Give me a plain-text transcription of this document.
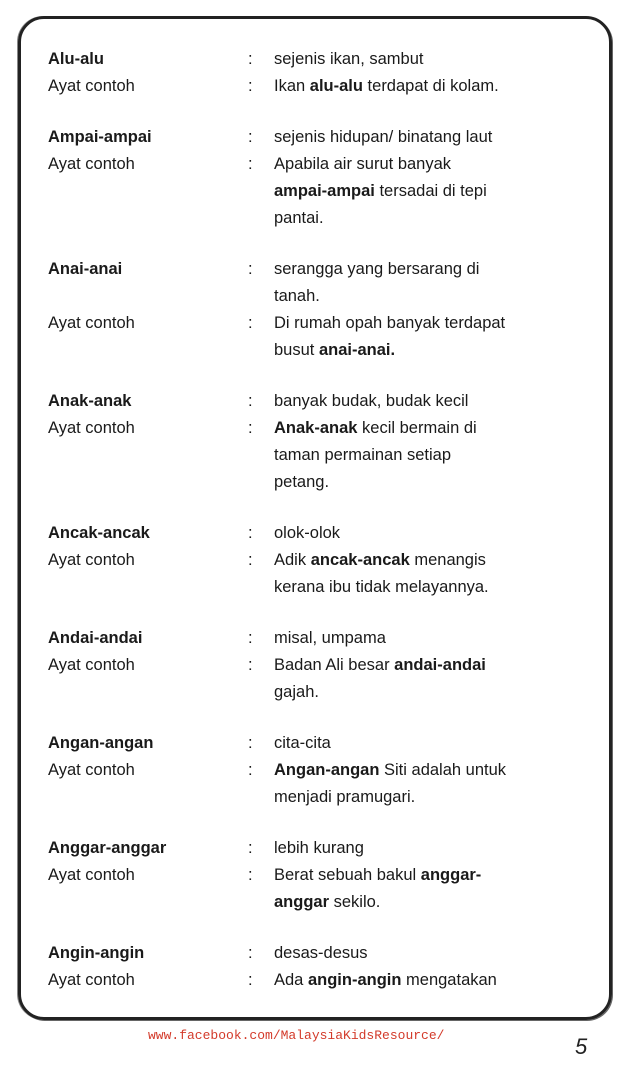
Alu-alu	:	sejenis ikan, sambut
Ayat contoh	:	Ikan alu-alu terdapat di kolam.
Ampai-ampai	:	sejenis hidupan/ binatang laut
Ayat contoh	:	Apabila air surut banyak
ampai-ampai tersadai di tepi
pantai.
Anai-anai	:	serangga yang bersarang di
tanah.
Ayat contoh	:	Di rumah opah banyak terdapat
busut anai-anai.
Anak-anak	:	banyak budak, budak kecil
Ayat contoh	:	Anak-anak kecil bermain di
taman permainan setiap
petang.
Ancak-ancak	:	olok-olok
Ayat contoh	:	Adik ancak-ancak menangis
kerana ibu tidak melayannya.
Andai-andai	:	misal, umpama
Ayat contoh	:	Badan Ali besar andai-andai
gajah.
Angan-angan	:	cita-cita
Ayat contoh	:	Angan-angan Siti adalah untuk
menjadi pramugari.
Anggar-anggar	:	lebih kurang
Ayat contoh	:	Berat sebuah bakul anggar-
anggar sekilo.
Angin-angin	:	desas-desus
Ayat contoh	:	Ada angin-angin mengatakan
www.facebook.com/MalaysiaKidsResource/	5
